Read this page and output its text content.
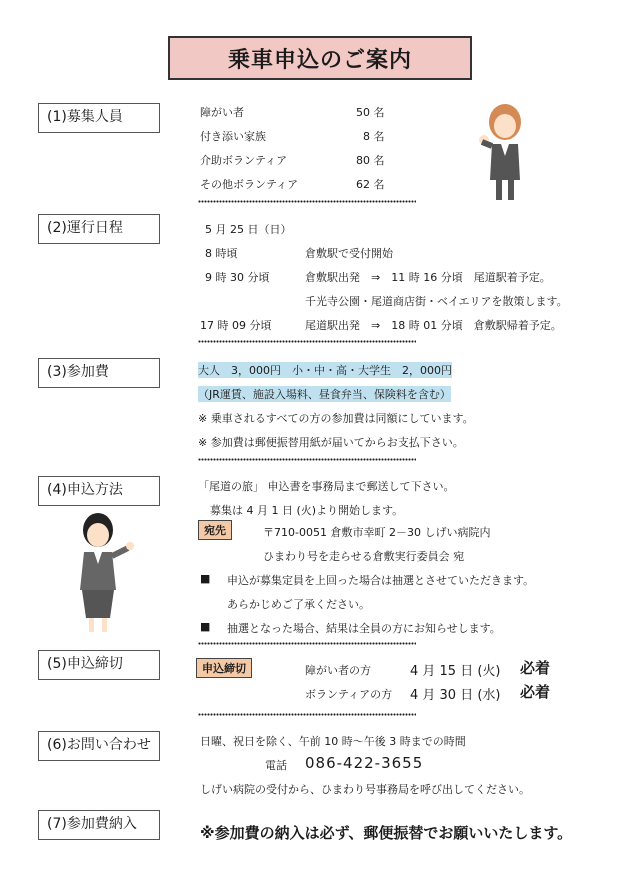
乗車申込のご案内
(1)募集人員	障がい者	50 名
付き添い家族	8 名
介助ボランティア	80 名
その他ボランティア	62 名
(2)運行日程	5 月 25 日（日）
8 時頃	倉敷駅で受付開始
9 時 30 分頃	倉敷駅出発　⇒　11 時 16 分頃　尾道駅着予定。
千光寺公園・尾道商店街・ベイエリアを散策します。
17 時 09 分頃	尾道駅出発　⇒　18 時 01 分頃　倉敷駅帰着予定。
(3)参加費	大人　3，000円　小・中・高・大学生　2，000円
（JR運賃、施設入場料、昼食弁当、保険料を含む）
※ 乗車されるすべての方の参加費は同額にしています。
※ 参加費は郵便振替用紙が届いてからお支払下さい。
(4)申込方法	「尾道の旅」 申込書を事務局まで郵送して下さい。
募集は 4 月 1 日 (火)より開始します。
宛先	〒710-0051 倉敷市幸町 2－30 しげい病院内
ひまわり号を走らせる倉敷実行委員会 宛
■ 申込が募集定員を上回った場合は抽選とさせていただきます。
あらかじめご了承ください。
■ 抽選となった場合、結果は全員の方にお知らせします。
(5)申込締切	申込締切	障がい者の方	4 月 15 日 (火) 必着
ボランティアの方 4 月 30 日 (水) 必着
(6)お問い合わせ	日曜、祝日を除く、午前 10 時～午後 3 時までの時間
電話 086-422-3655
しげい病院の受付から、ひまわり号事務局を呼び出してください。
(7)参加費納入	※参加費の納入は必ず、郵便振替でお願いいたします。
